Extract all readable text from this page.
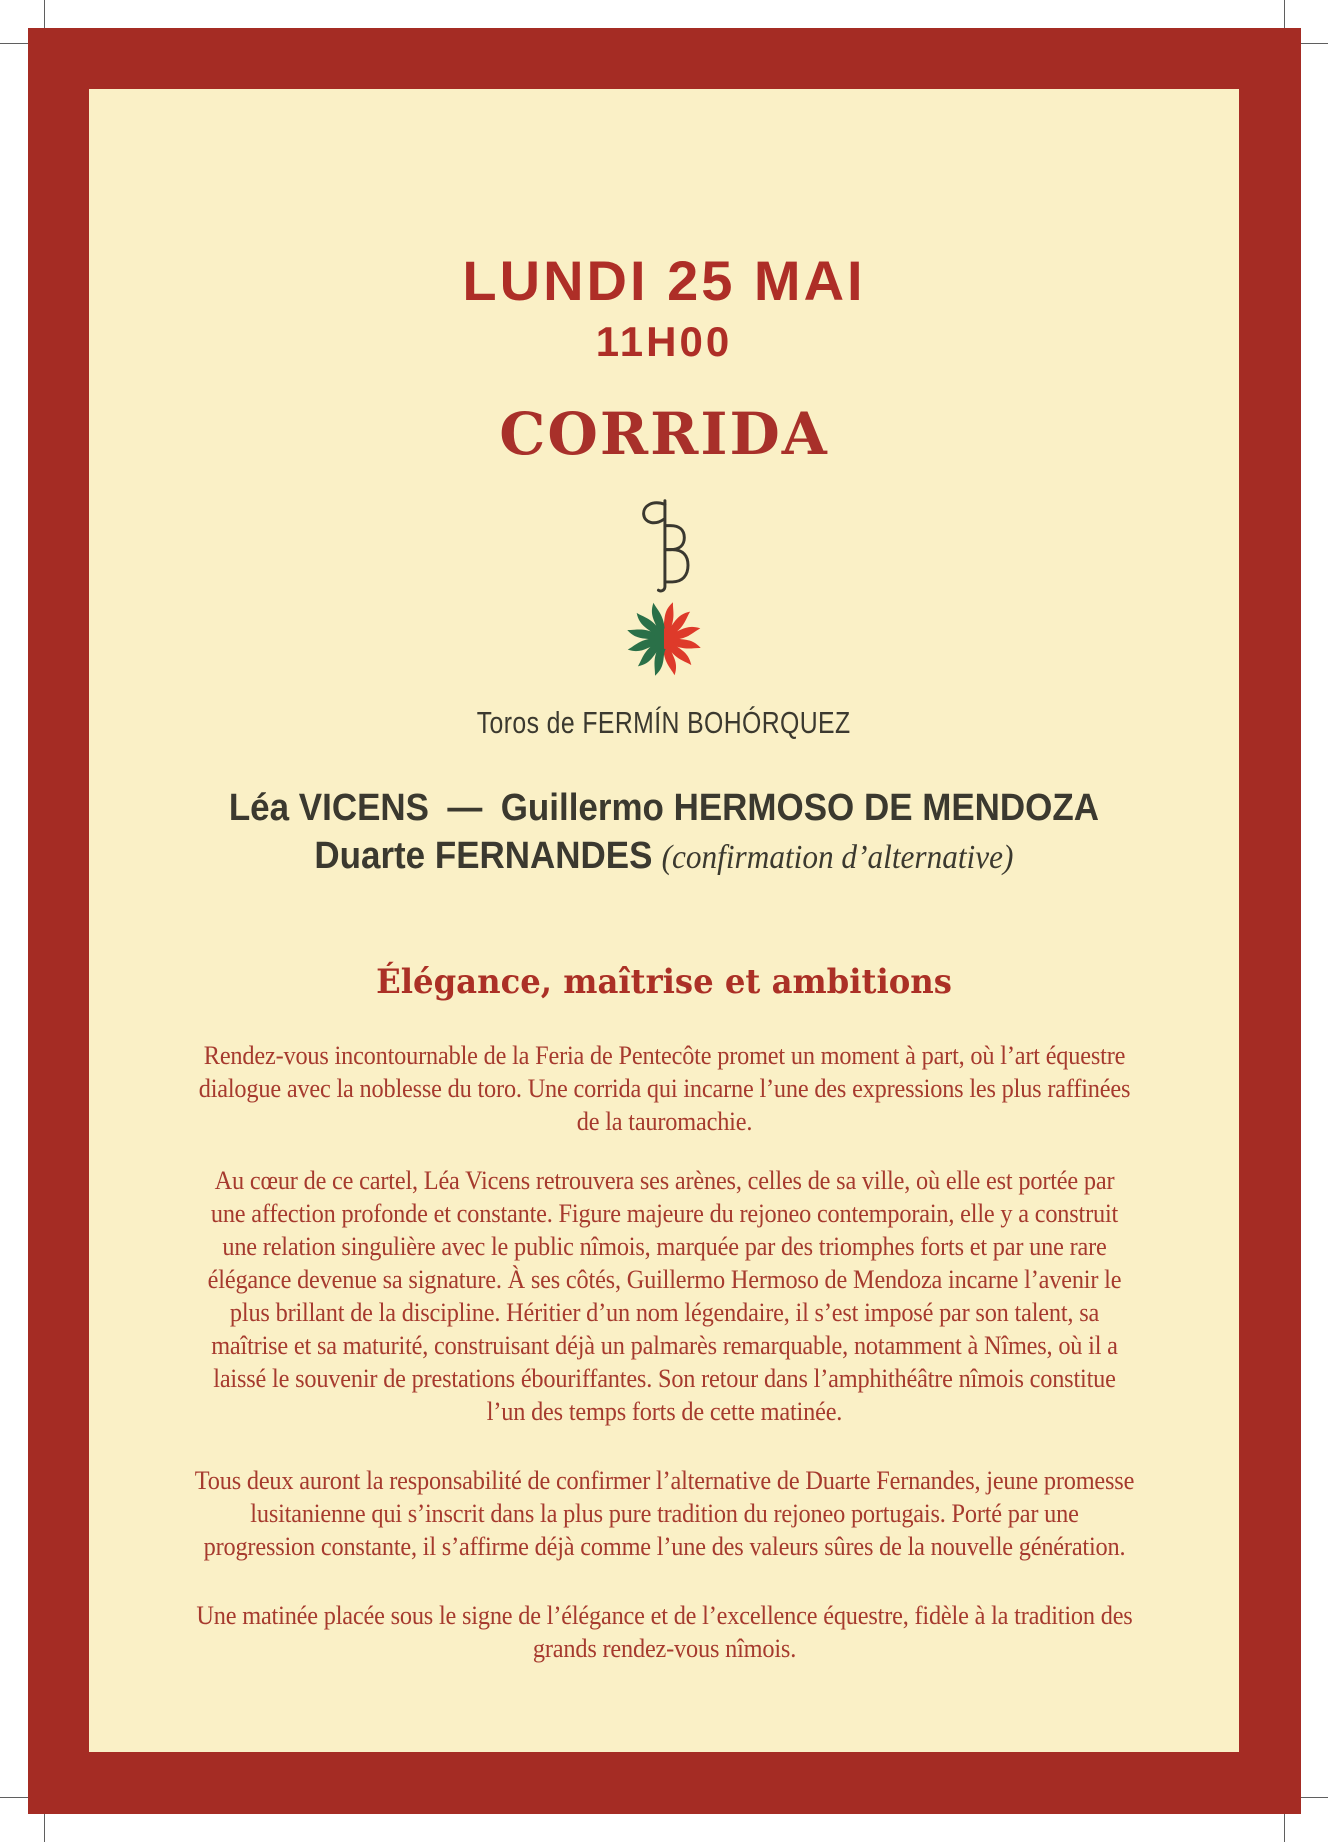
LUNDI 25 MAI
11H00
CORRIDA
Toros de FERMÍN BOHÓRQUEZ
Léa VICENS — Guillermo HERMOSO DE MENDOZA
Duarte FERNANDES (confirmation d’alternative)
Élégance, maîtrise et ambitions

Rendez-vous incontournable de la Feria de Pentecôte promet un moment à part, où l’art équestre dialogue avec la noblesse du toro. Une corrida qui incarne l’une des expressions les plus raffinées de la tauromachie.

Au cœur de ce cartel, Léa Vicens retrouvera ses arènes, celles de sa ville, où elle est portée par une affection profonde et constante. Figure majeure du rejoneo contemporain, elle y a construit une relation singulière avec le public nîmois, marquée par des triomphes forts et par une rare élégance devenue sa signature. À ses côtés, Guillermo Hermoso de Mendoza incarne l’avenir le plus brillant de la discipline. Héritier d’un nom légendaire, il s’est imposé par son talent, sa maîtrise et sa maturité, construisant déjà un palmarès remarquable, notamment à Nîmes, où il a laissé le souvenir de prestations ébouriffantes. Son retour dans l’amphithéâtre nîmois constitue l’un des temps forts de cette matinée.

Tous deux auront la responsabilité de confirmer l’alternative de Duarte Fernandes, jeune promesse lusitanienne qui s’inscrit dans la plus pure tradition du rejoneo portugais. Porté par une progression constante, il s’affirme déjà comme l’une des valeurs sûres de la nouvelle génération.

Une matinée placée sous le signe de l’élégance et de l’excellence équestre, fidèle à la tradition des grands rendez-vous nîmois.
